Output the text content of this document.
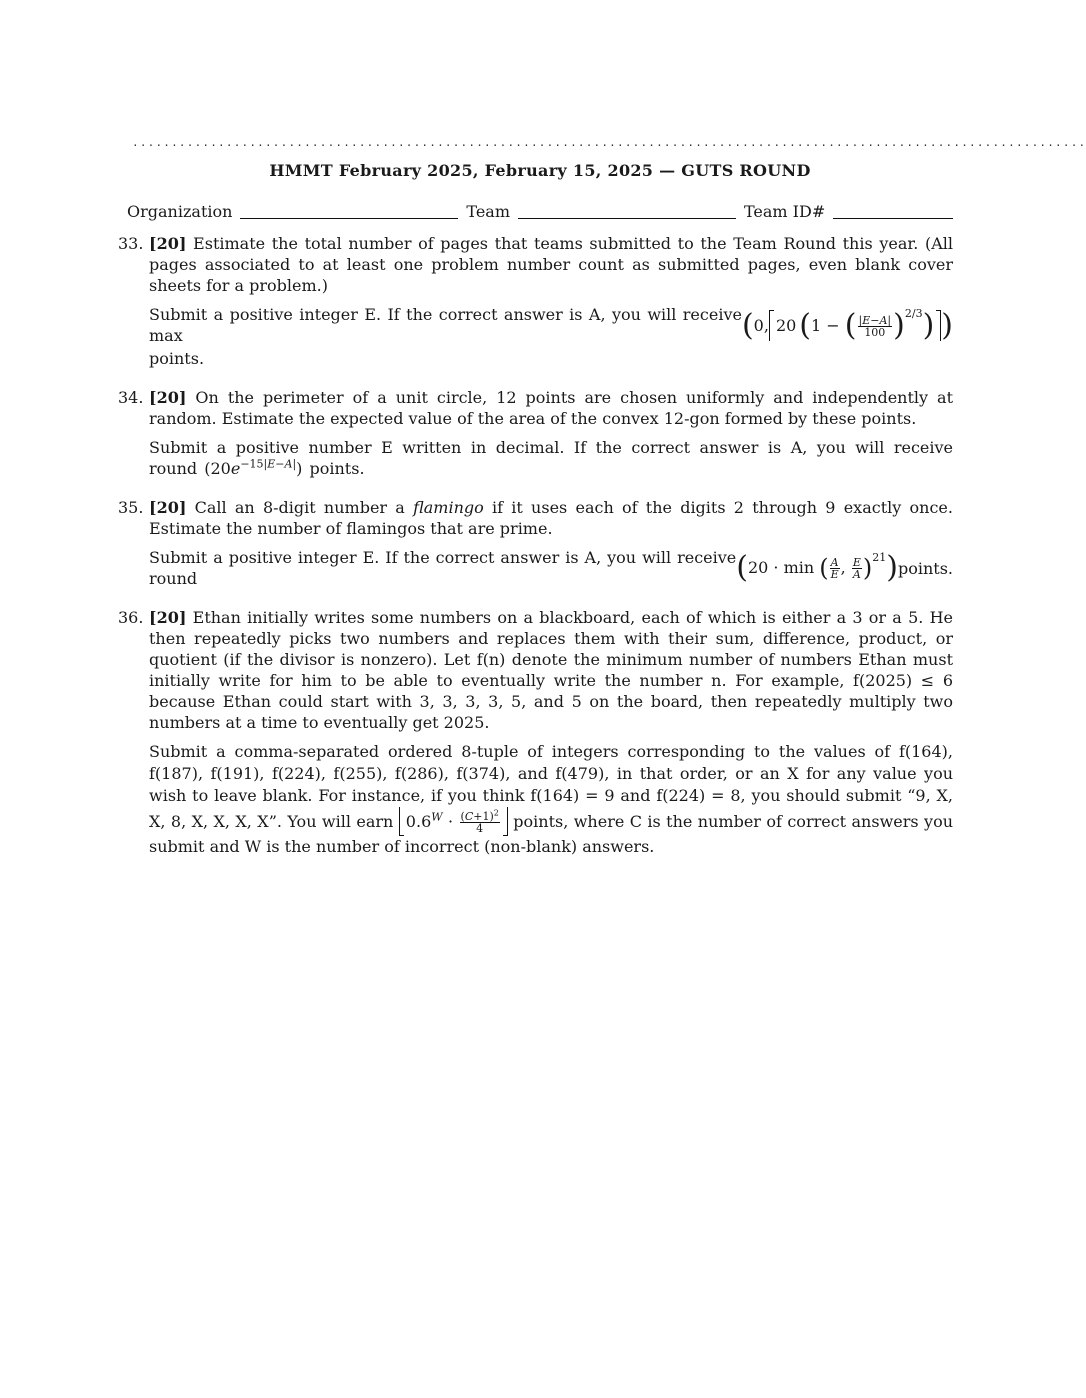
..........................................................................................................................
HMMT February 2025, February 15, 2025 — GUTS ROUND
Organization	Team	Team ID#
33. [20] Estimate the total number of pages that teams submitted to the Team Round this year. (All pages associated to at least one problem number count as submitted pages, even blank cover sheets for a problem.)

Submit a positive integer E. If the correct answer is A, you will receive max	(0, 20 (1 − ( $\frac{|E-A|}{100} )^{2/3}$) )

points.

34. [20] On the perimeter of a unit circle, 12 points are chosen uniformly and independently at random. Estimate the expected value of the area of the convex 12-gon formed by these points.

Submit a positive number E written in decimal. If the correct answer is A, you will receive round $(20e^{-15|E-A|})$ points.

35. [20] Call an 8-digit number a flamingo if it uses each of the digits 2 through 9 exactly once. Estimate the number of flamingos that are prime.

Submit a positive integer E. If the correct answer is A, you will receive round	(20 · min ( $\frac{A}{E}$ , $\frac{E}{A} )^{21}$) points.
36. [20] Ethan initially writes some numbers on a blackboard, each of which is either a 3 or a 5. He then repeatedly picks two numbers and replaces them with their sum, difference, product, or quotient (if the divisor is nonzero). Let f(n) denote the minimum number of numbers Ethan must initially write for him to be able to eventually write the number n. For example, f(2025) ≤ 6 because Ethan could start with 3, 3, 3, 3, 5, and 5 on the board, then repeatedly multiply two numbers at a time to eventually get 2025.

Submit a comma-separated ordered 8-tuple of integers corresponding to the values of f(164), f(187), f(191), f(224), f(255), f(286), f(374), and f(479), in that order, or an X for any value you wish to leave blank. For instance, if you think f(164) = 9 and f(224) = 8, you should submit “9, X, X, 8, X, X, X, X”. You will earn $0.6^W \cdot \frac{(C+1)^2}{4}$ points, where C is the number of correct answers you submit and W is the number of incorrect (non-blank) answers.
